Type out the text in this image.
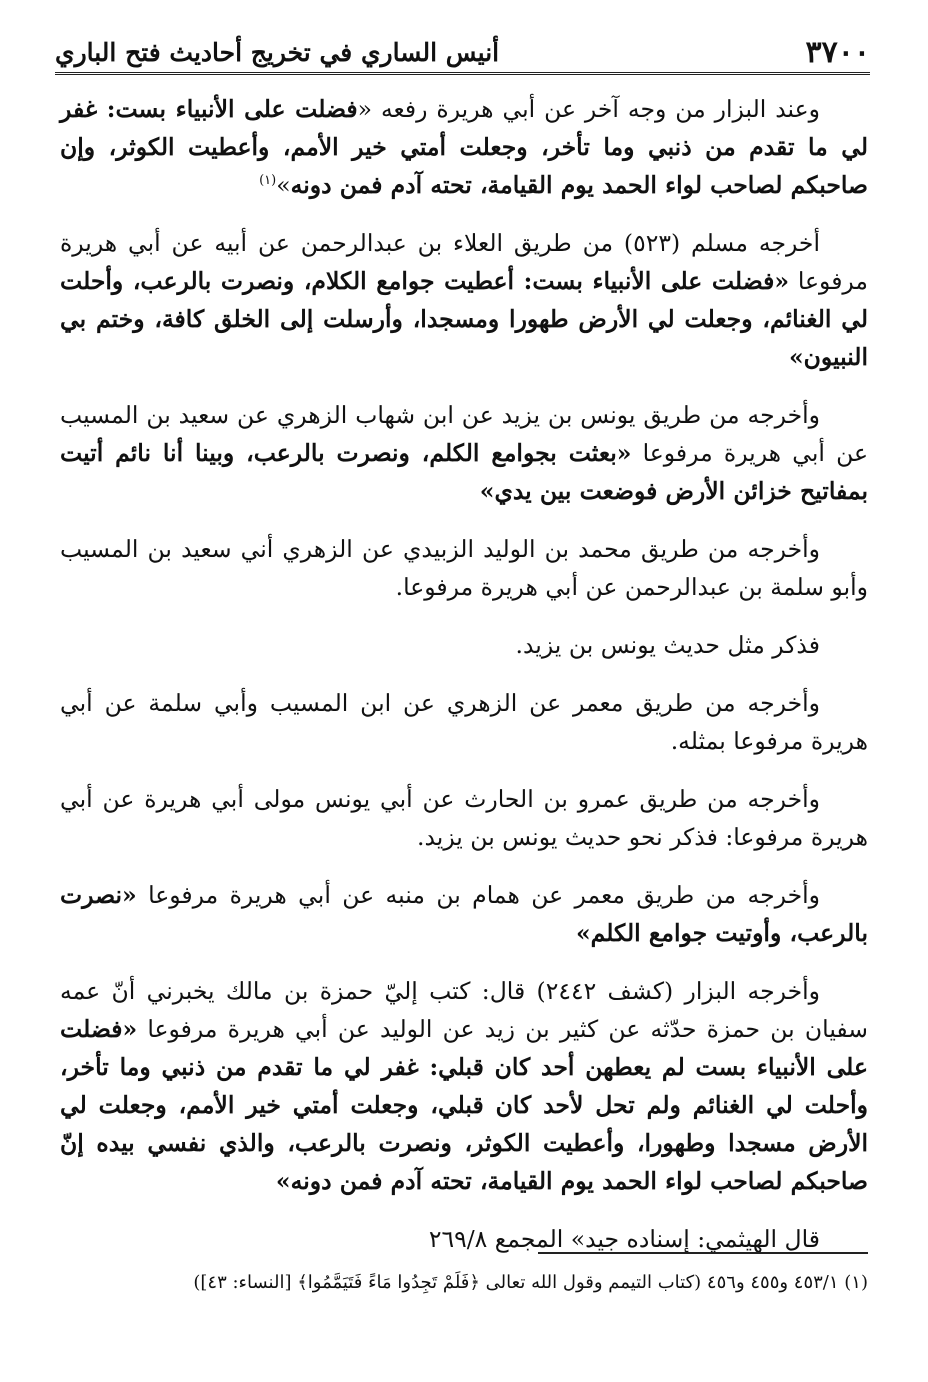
٣٧٠٠
أنيس الساري في تخريج أحاديث فتح الباري

وعند البزار من وجه آخر عن أبي هريرة رفعه «فضلت على الأنبياء بست: غفر لي ما تقدم من ذنبي وما تأخر، وجعلت أمتي خير الأمم، وأعطيت الكوثر، وإن صاحبكم لصاحب لواء الحمد يوم القيامة، تحته آدم فمن دونه»$^{(١)}$

أخرجه مسلم (٥٢٣) من طريق العلاء بن عبدالرحمن عن أبيه عن أبي هريرة مرفوعا «فضلت على الأنبياء بست: أعطيت جوامع الكلام، ونصرت بالرعب، وأحلت لي الغنائم، وجعلت لي الأرض طهورا ومسجدا، وأرسلت إلى الخلق كافة، وختم بي النبيون»

وأخرجه من طريق يونس بن يزيد عن ابن شهاب الزهري عن سعيد بن المسيب عن أبي هريرة مرفوعا «بعثت بجوامع الكلم، ونصرت بالرعب، وبينا أنا نائم أتيت بمفاتيح خزائن الأرض فوضعت بين يدي»

وأخرجه من طريق محمد بن الوليد الزبيدي عن الزهري أني سعيد بن المسيب وأبو سلمة بن عبدالرحمن عن أبي هريرة مرفوعا.

فذكر مثل حديث يونس بن يزيد.

وأخرجه من طريق معمر عن الزهري عن ابن المسيب وأبي سلمة عن أبي هريرة مرفوعا بمثله.

وأخرجه من طريق عمرو بن الحارث عن أبي يونس مولى أبي هريرة عن أبي هريرة مرفوعا: فذكر نحو حديث يونس بن يزيد.

وأخرجه من طريق معمر عن همام بن منبه عن أبي هريرة مرفوعا «نصرت بالرعب، وأوتيت جوامع الكلم»

وأخرجه البزار (كشف ٢٤٤٢) قال: كتب إليّ حمزة بن مالك يخبرني أنّ عمه سفيان بن حمزة حدّثه عن كثير بن زيد عن الوليد عن أبي هريرة مرفوعا «فضلت على الأنبياء بست لم يعطهن أحد كان قبلي: غفر لي ما تقدم من ذنبي وما تأخر، وأحلت لي الغنائم ولم تحل لأحد كان قبلي، وجعلت أمتي خير الأمم، وجعلت لي الأرض مسجدا وطهورا، وأعطيت الكوثر، ونصرت بالرعب، والذي نفسي بيده إنّ صاحبكم لصاحب لواء الحمد يوم القيامة، تحته آدم فمن دونه»

قال الهيثمي: إسناده جيد» المجمع ٢٦٩/٨

(١) ٤٥٣/١ و٤٥٥ و٤٥٦ (كتاب التيمم وقول الله تعالى ﴿فَلَمْ تَجِدُوا مَاءً فَتَيَمَّمُوا﴾ [النساء: ٤٣])
